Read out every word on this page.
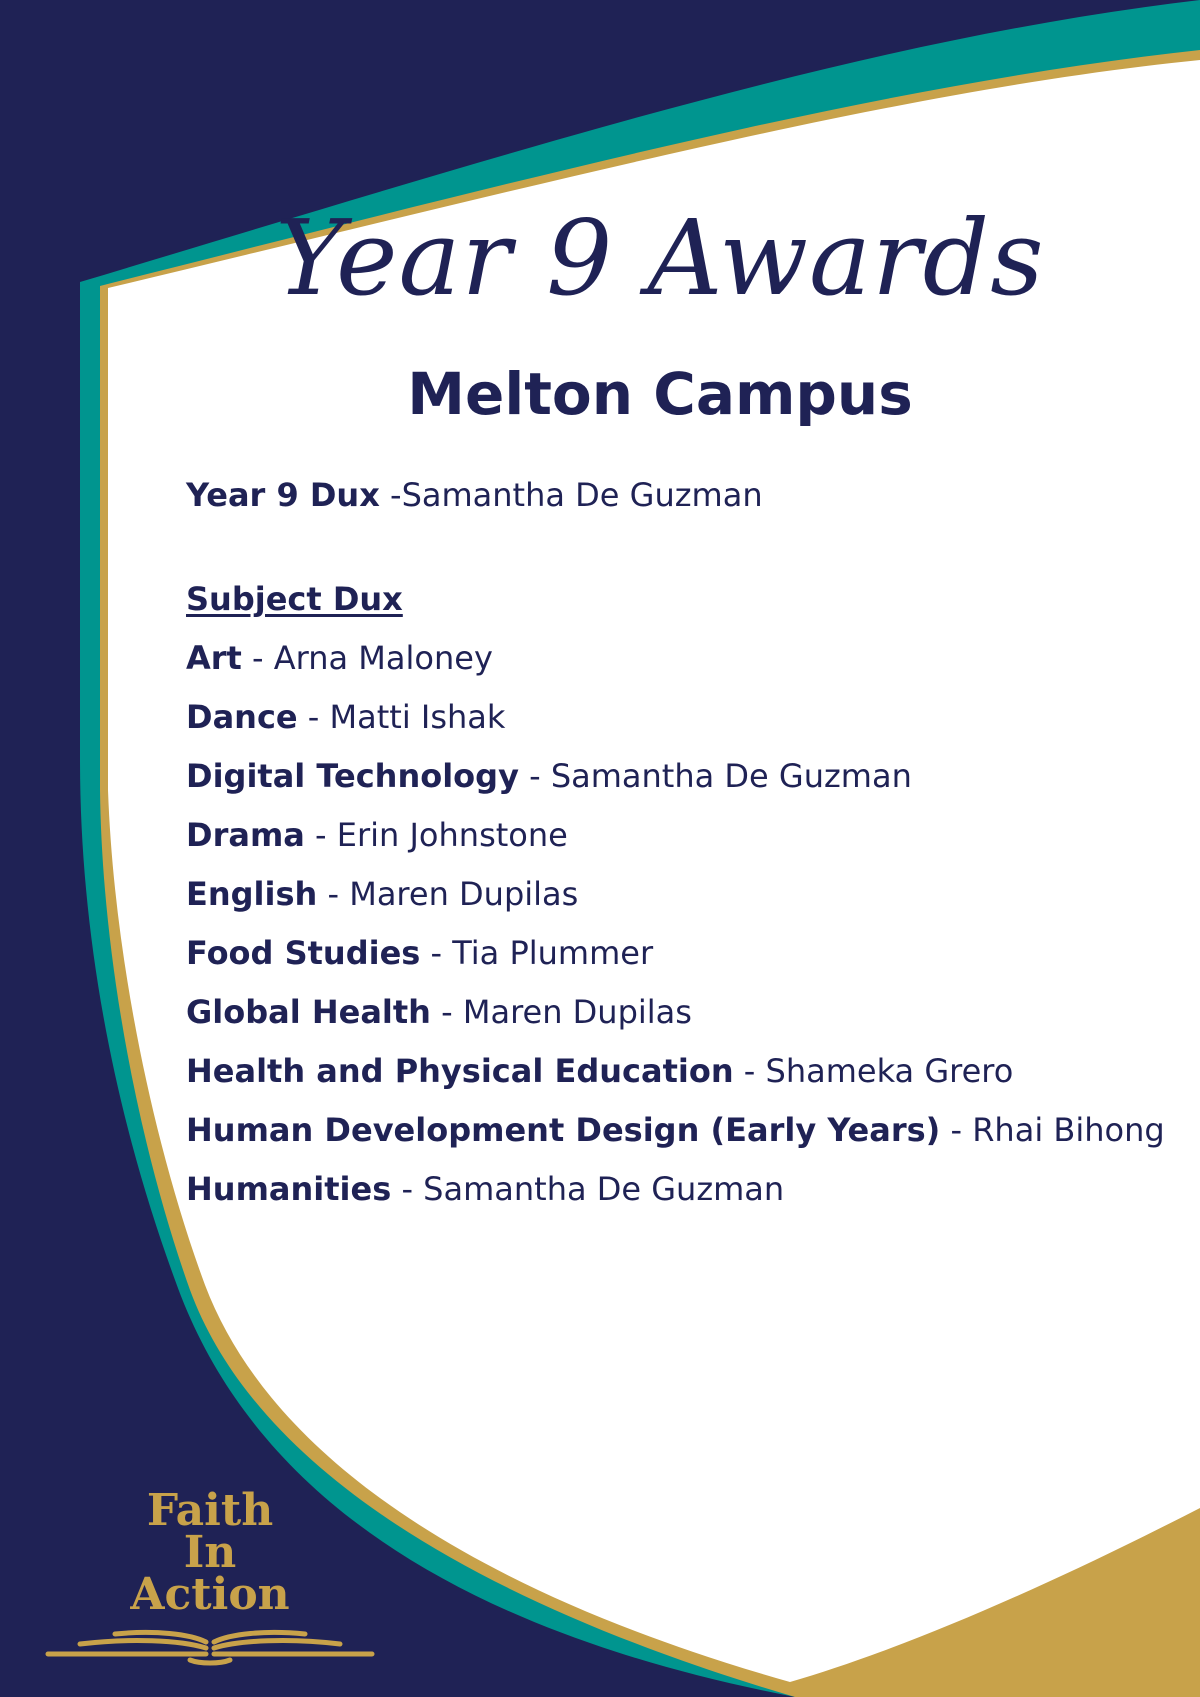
Year 9 Awards
Melton Campus

Year 9 Dux -Samantha De Guzman

Subject Dux
Art - Arna Maloney
Dance - Matti Ishak
Digital Technology - Samantha De Guzman
Drama - Erin Johnstone
English - Maren Dupilas
Food Studies - Tia Plummer
Global Health - Maren Dupilas
Health and Physical Education - Shameka Grero
Human Development Design (Early Years) - Rhai Bihong
Humanities - Samantha De Guzman

Faith
In
Action
